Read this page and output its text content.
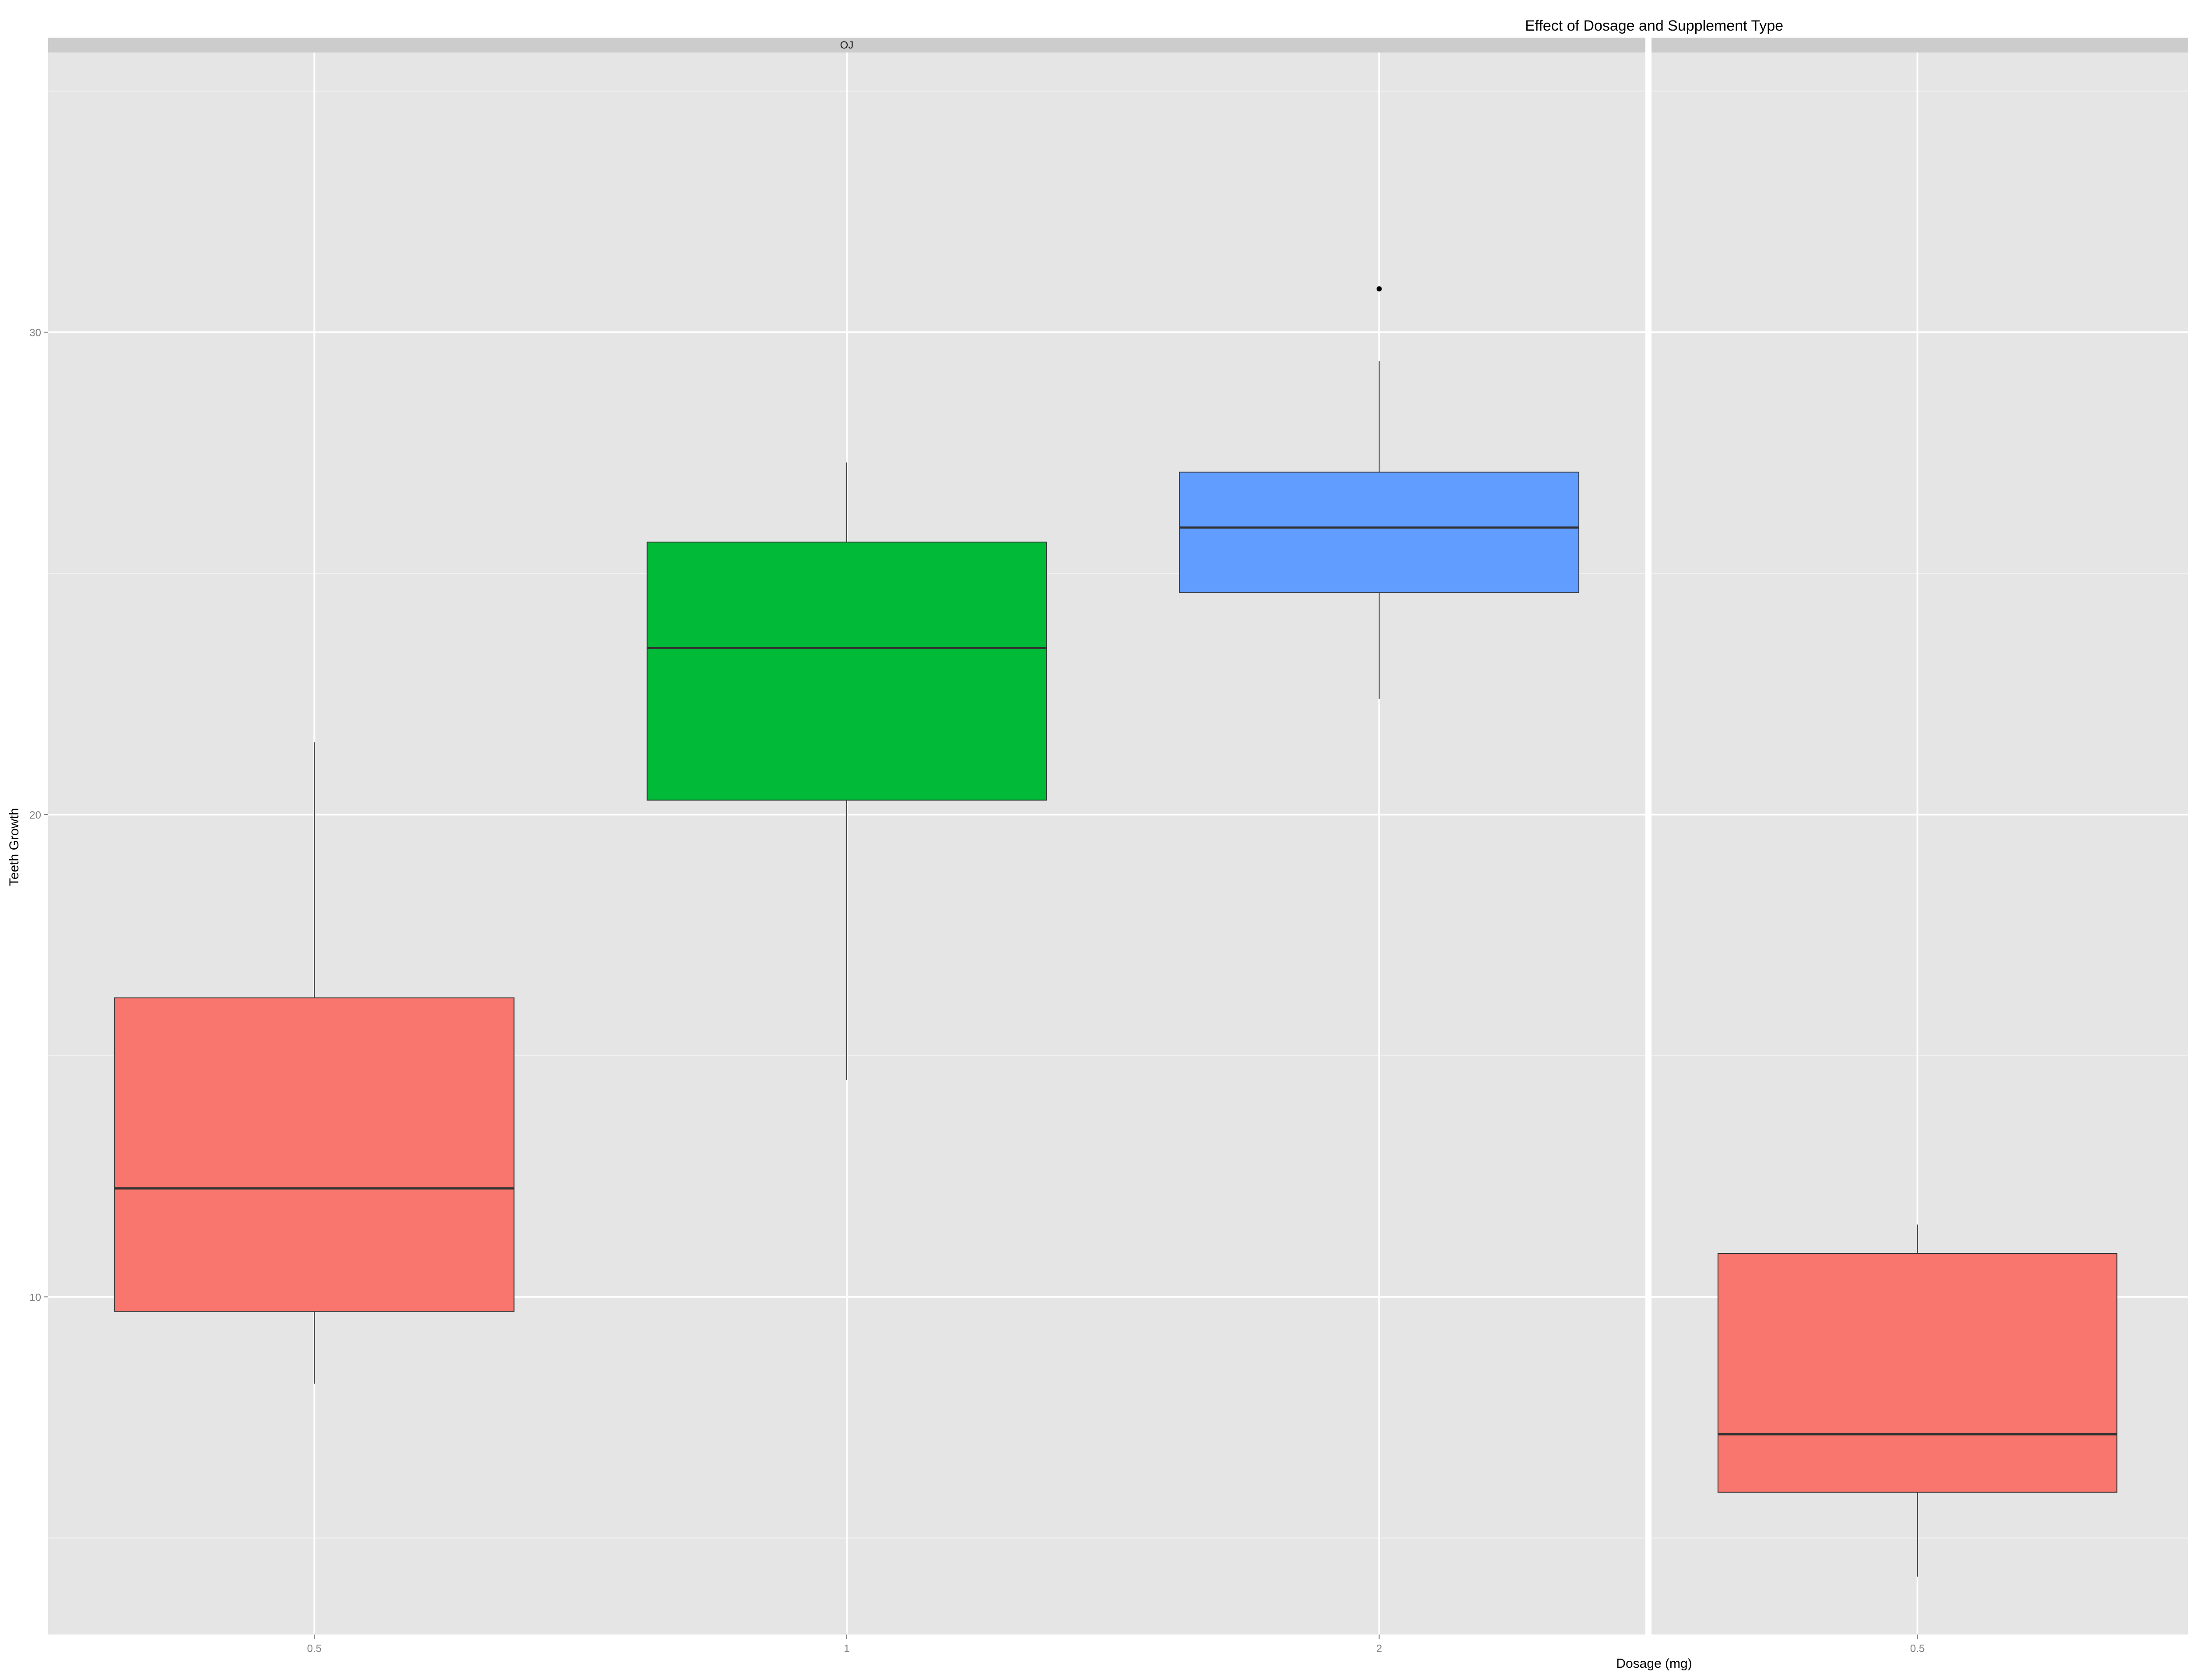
Effect of Dosage and Supplement Type
OJ
0.5	1	2
10
20
30
0.5
Teeth Growth
Dosage (mg)
